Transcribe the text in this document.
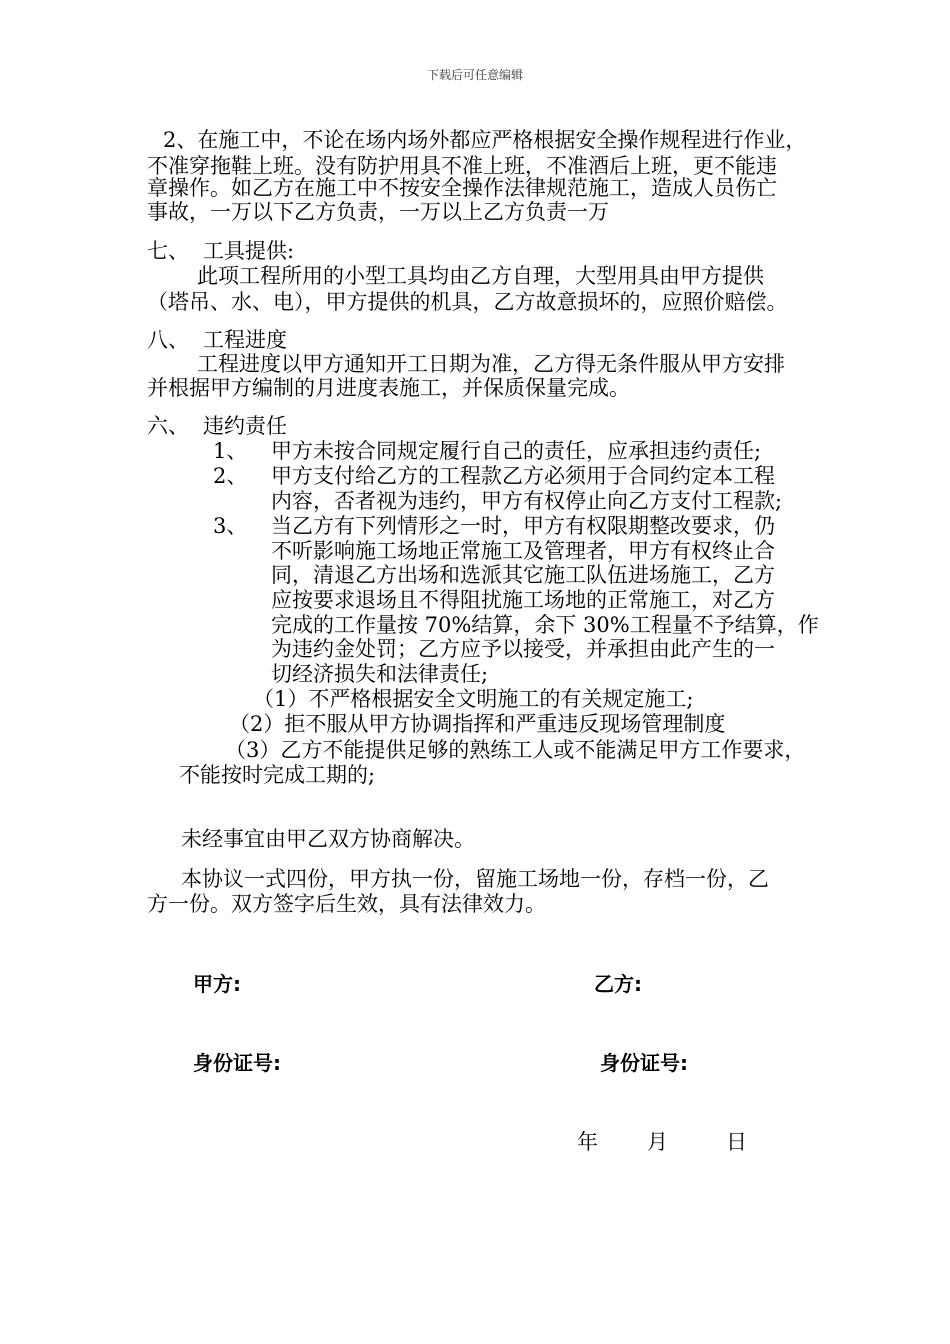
下载后可任意编辑
2、在施工中，不论在场内场外都应严格根据安全操作规程进行作业，
不准穿拖鞋上班。没有防护用具不准上班，不准酒后上班，更不能违
章操作。如乙方在施工中不按安全操作法律规范施工，造成人员伤亡
事故，一万以下乙方负责，一万以上乙方负责一万
七、 工具提供:
此项工程所用的小型工具均由乙方自理，大型用具由甲方提供
（塔吊、水、电），甲方提供的机具，乙方故意损坏的，应照价赔偿。
八、 工程进度
工程进度以甲方通知开工日期为准，乙方得无条件服从甲方安排
并根据甲方编制的月进度表施工，并保质保量完成。
六、 违约责任
1、 甲方未按合同规定履行自己的责任，应承担违约责任;
2、 甲方支付给乙方的工程款乙方必须用于合同约定本工程
内容，否者视为违约，甲方有权停止向乙方支付工程款;
3、 当乙方有下列情形之一时，甲方有权限期整改要求，仍
不听影响施工场地正常施工及管理者，甲方有权终止合
同，清退乙方出场和选派其它施工队伍进场施工，乙方
应按要求退场且不得阻扰施工场地的正常施工，对乙方
完成的工作量按 70%结算，余下 30%工程量不予结算，作
为违约金处罚；乙方应予以接受，并承担由此产生的一
切经济损失和法律责任;
（1）不严格根据安全文明施工的有关规定施工;
（2）拒不服从甲方协调指挥和严重违反现场管理制度
（3）乙方不能提供足够的熟练工人或不能满足甲方工作要求，
不能按时完成工期的;
未经事宜由甲乙双方协商解决。
本协议一式四份，甲方执一份，留施工场地一份，存档一份，乙
方一份。双方签字后生效，具有法律效力。
甲方:	乙方:
身份证号:	身份证号:
年 月	日
